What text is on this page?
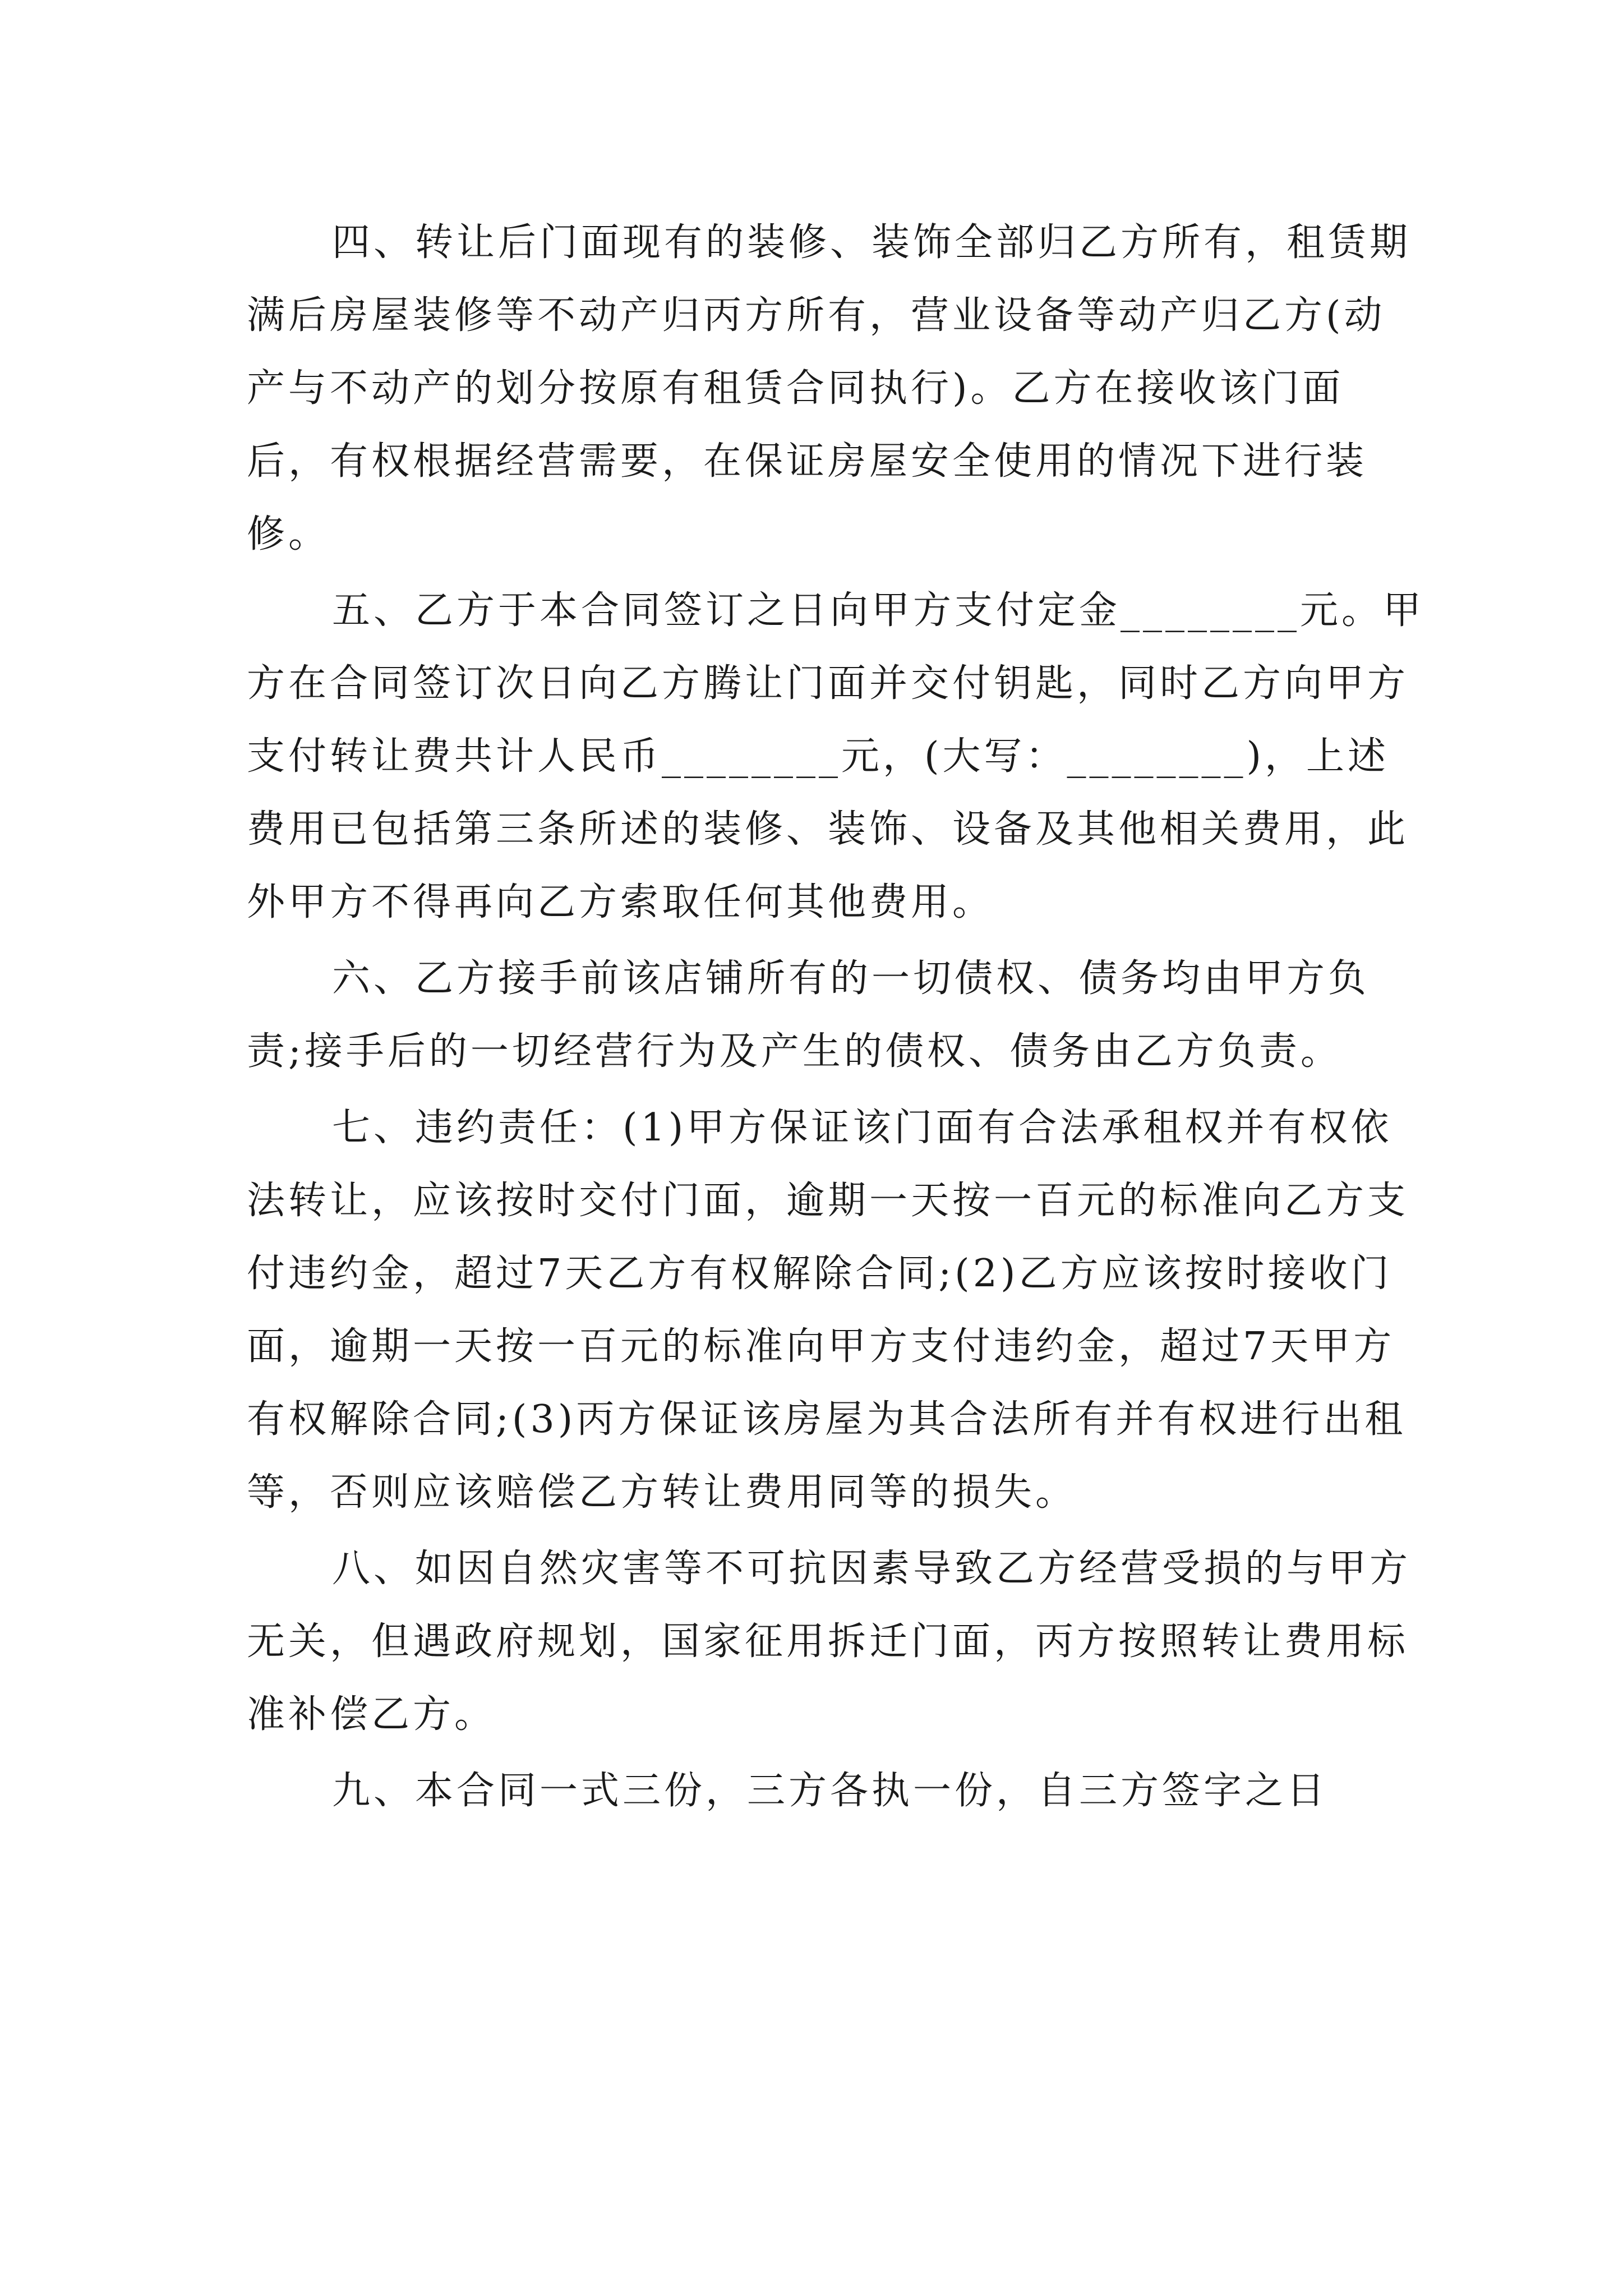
四、转让后门面现有的装修、装饰全部归乙方所有，租赁期满后房屋装修等不动产归丙方所有，营业设备等动产归乙方(动产与不动产的划分按原有租赁合同执行)。乙方在接收该门面后，有权根据经营需要，在保证房屋安全使用的情况下进行装修。

五、乙方于本合同签订之日向甲方支付定金________元。甲方在合同签订次日向乙方腾让门面并交付钥匙，同时乙方向甲方支付转让费共计人民币________元，(大写：________)，上述费用已包括第三条所述的装修、装饰、设备及其他相关费用，此外甲方不得再向乙方索取任何其他费用。

六、乙方接手前该店铺所有的一切债权、债务均由甲方负责;接手后的一切经营行为及产生的债权、债务由乙方负责。

七、违约责任：(1)甲方保证该门面有合法承租权并有权依法转让，应该按时交付门面，逾期一天按一百元的标准向乙方支付违约金，超过7天乙方有权解除合同;(2)乙方应该按时接收门面，逾期一天按一百元的标准向甲方支付违约金，超过7天甲方有权解除合同;(3)丙方保证该房屋为其合法所有并有权进行出租等，否则应该赔偿乙方转让费用同等的损失。

八、如因自然灾害等不可抗因素导致乙方经营受损的与甲方无关，但遇政府规划，国家征用拆迁门面，丙方按照转让费用标准补偿乙方。

九、本合同一式三份，三方各执一份，自三方签字之日
